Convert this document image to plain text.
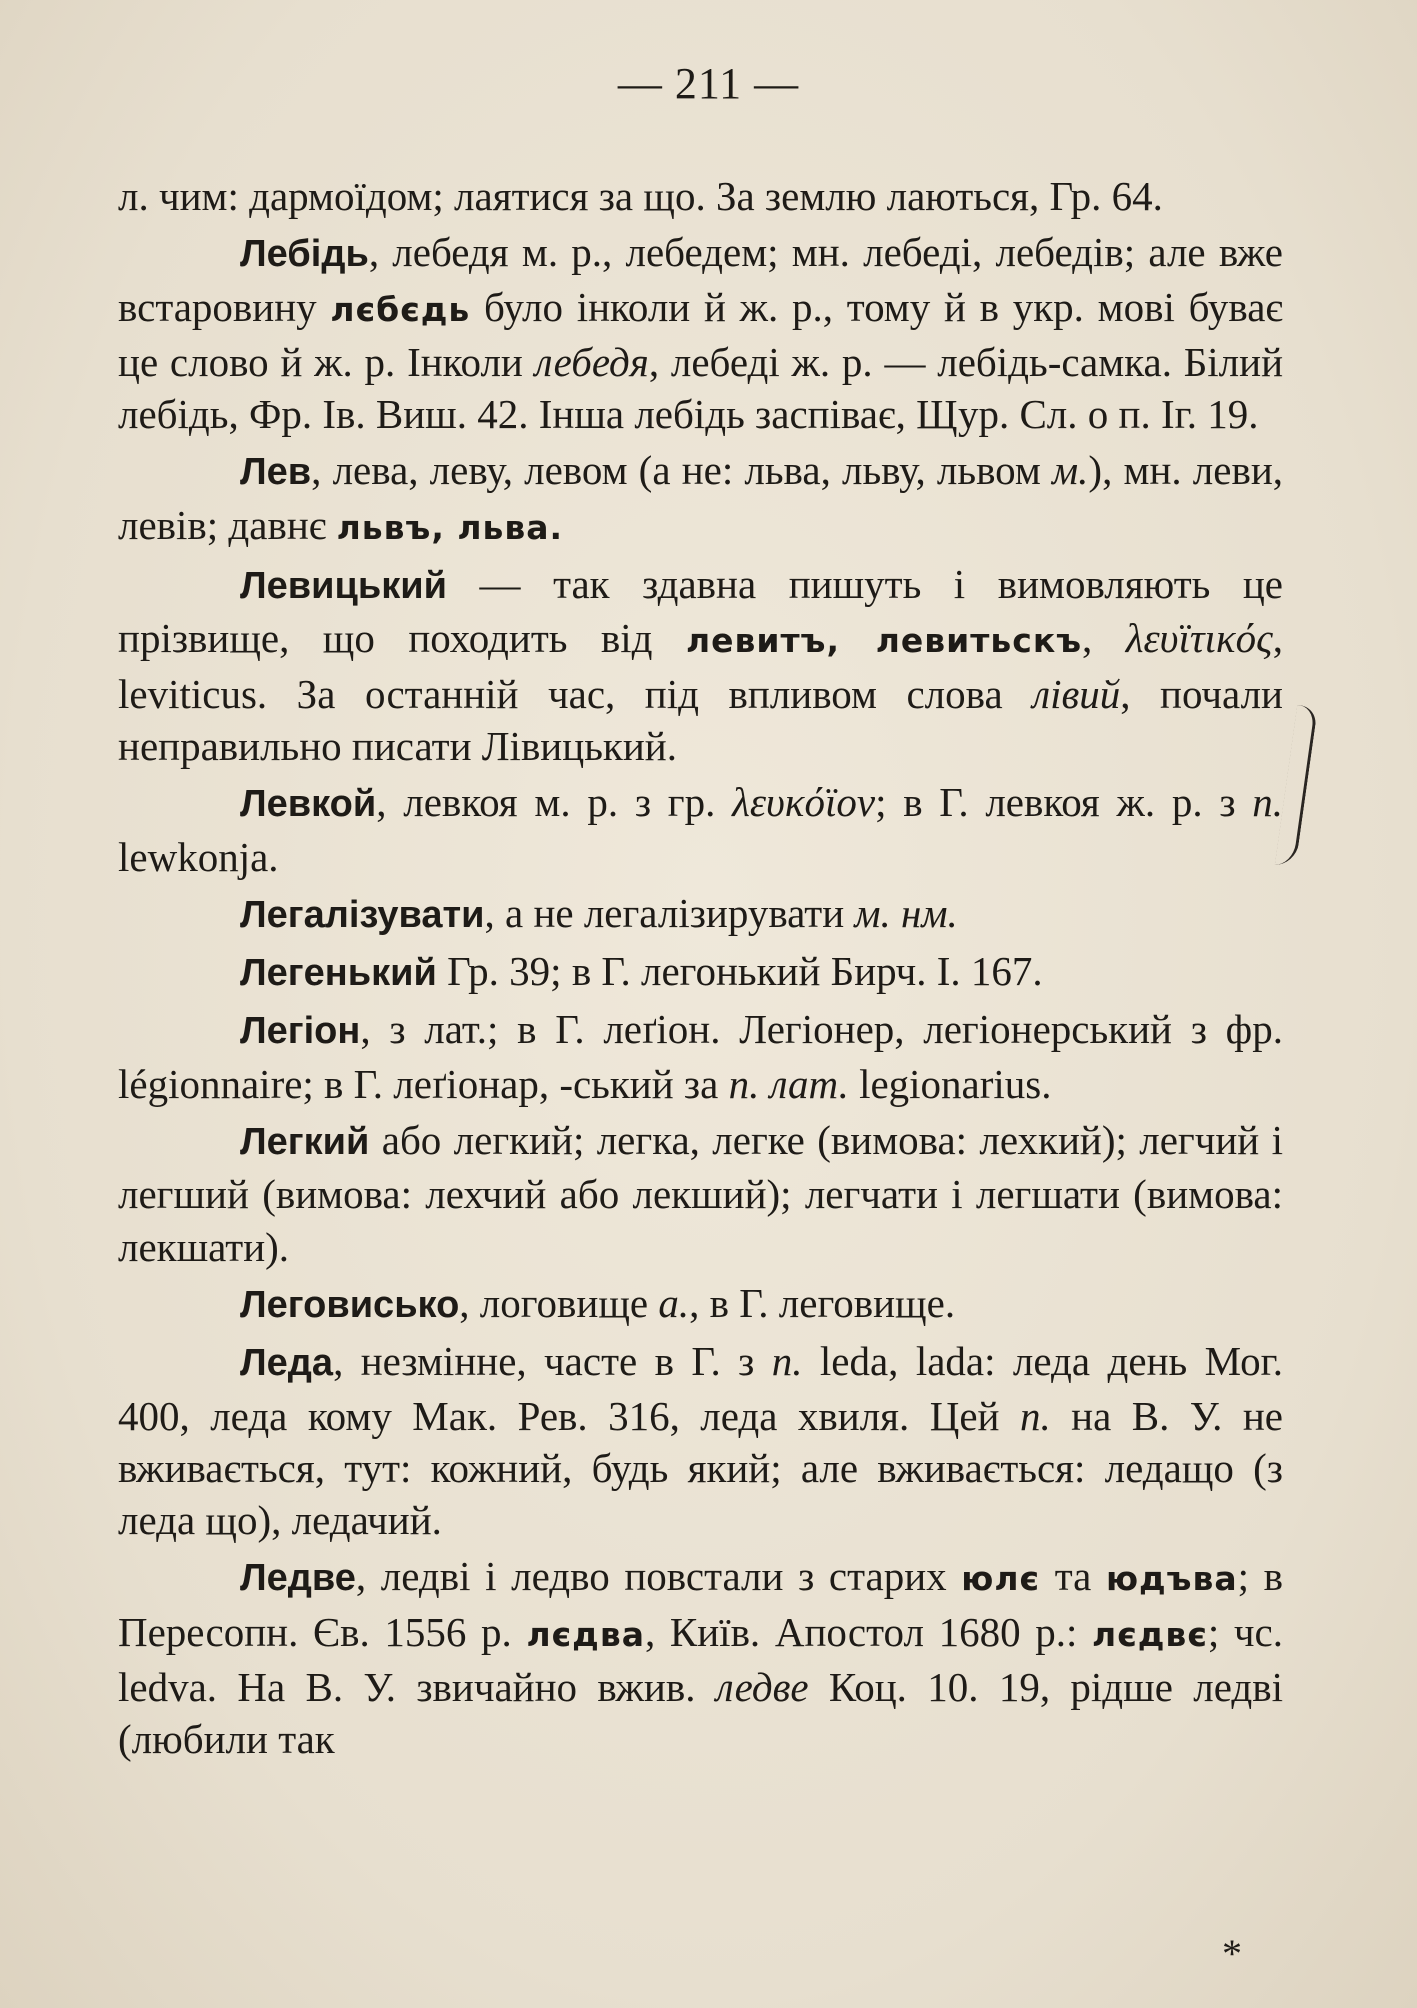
— 211 —

л. чим: дармоїдом; лаятися за що. За землю лаються, Гр. 64.

Лебідь, лебедя м. р., лебедем; мн. лебеді, лебедів; але вже встаровину лєбєдь було інколи й ж. р., тому й в укр. мові буває це слово й ж. р. Інколи лебедя, лебеді ж. р. — лебідь-самка. Білий лебідь, Фр. Ів. Виш. 42. Інша лебідь заспіває, Щур. Сл. о п. Іг. 19.

Лев, лева, леву, левом (а не: льва, льву, львом м.), мн. леви, левів; давнє львъ, льва.

Левицький — так здавна пишуть і вимовляють це прізвище, що походить від левитъ, левитьскъ, λευϊτικός, leviticus. За останній час, під впливом слова лівий, почали неправильно писати Лівицький.

Левкой, левкоя м. р. з гр. λευκόϊον; в Г. левкоя ж. р. з п. lewkonja.

Легалізувати, а не легалізирувати м. нм.

Легенький Гр. 39; в Г. легонький Бирч. І. 167.

Легіон, з лат.; в Г. леґіон. Легіонер, легіонерський з фр. légionnaire; в Г. леґіонар, -ський за п. лат. legionarius.

Легкий або легкий; легка, легке (вимова: лехкий); легчий і легший (вимова: лехчий або лекший); легчати і легшати (вимова: лекшати).

Леговисько, логовище а., в Г. леговище.

Леда, незмінне, часте в Г. з п. leda, lada: леда день Мог. 400, леда кому Мак. Рев. 316, леда хвиля. Цей п. на В. У. не вживається, тут: кожний, будь який; але вживається: ледащо (з леда що), ледачий.

Ледве, ледві і ледво повстали з старих юлє та юдъва; в Пересопн. Єв. 1556 р. лєдва, Київ. Апостол 1680 р.: лєдвє; чс. ledva. На В. У. звичайно вжив. ледве Коц. 10. 19, рідше ледві (любили так

*
